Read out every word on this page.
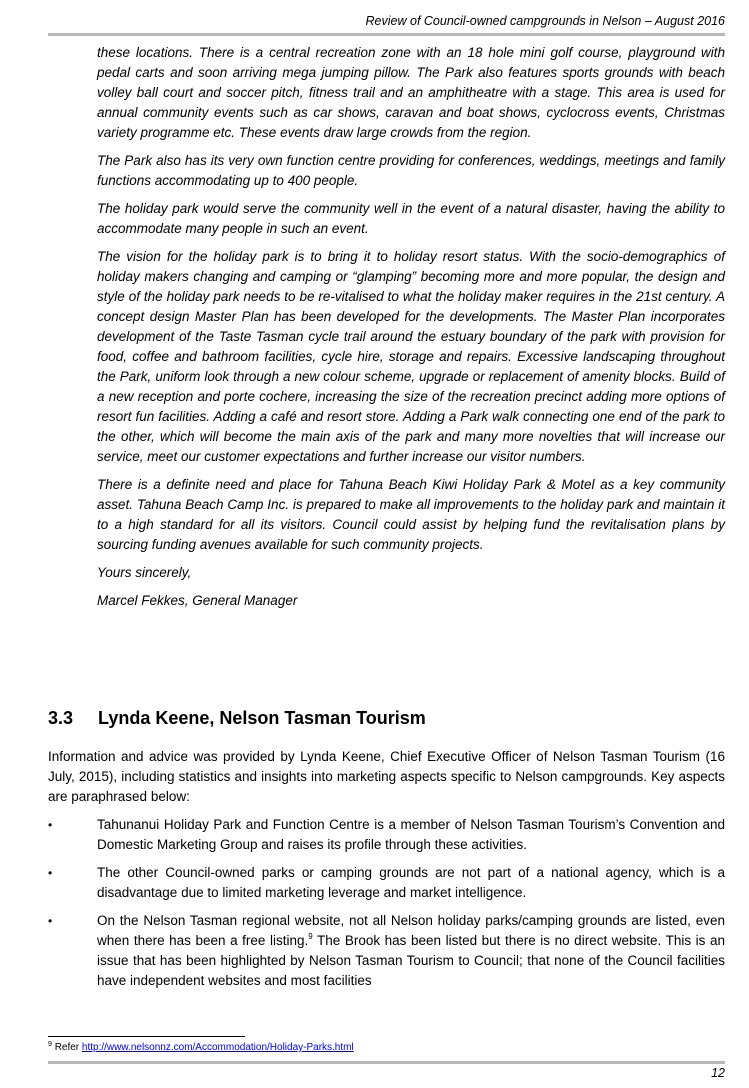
Review of Council-owned campgrounds in Nelson – August 2016

these locations. There is a central recreation zone with an 18 hole mini golf course, playground with pedal carts and soon arriving mega jumping pillow. The Park also features sports grounds with beach volley ball court and soccer pitch, fitness trail and an amphitheatre with a stage. This area is used for annual community events such as car shows, caravan and boat shows, cyclocross events, Christmas variety programme etc. These events draw large crowds from the region.

The Park also has its very own function centre providing for conferences, weddings, meetings and family functions accommodating up to 400 people.

The holiday park would serve the community well in the event of a natural disaster, having the ability to accommodate many people in such an event.

The vision for the holiday park is to bring it to holiday resort status. With the socio-demographics of holiday makers changing and camping or “glamping” becoming more and more popular, the design and style of the holiday park needs to be re-vitalised to what the holiday maker requires in the 21st century. A concept design Master Plan has been developed for the developments. The Master Plan incorporates development of the Taste Tasman cycle trail around the estuary boundary of the park with provision for food, coffee and bathroom facilities, cycle hire, storage and repairs. Excessive landscaping throughout the Park, uniform look through a new colour scheme, upgrade or replacement of amenity blocks. Build of a new reception and porte cochere, increasing the size of the recreation precinct adding more options of resort fun facilities. Adding a café and resort store. Adding a Park walk connecting one end of the park to the other, which will become the main axis of the park and many more novelties that will increase our service, meet our customer expectations and further increase our visitor numbers.

There is a definite need and place for Tahuna Beach Kiwi Holiday Park & Motel as a key community asset. Tahuna Beach Camp Inc. is prepared to make all improvements to the holiday park and maintain it to a high standard for all its visitors. Council could assist by helping fund the revitalisation plans by sourcing funding avenues available for such community projects.

Yours sincerely,

Marcel Fekkes, General Manager

3.3 Lynda Keene, Nelson Tasman Tourism

Information and advice was provided by Lynda Keene, Chief Executive Officer of Nelson Tasman Tourism (16 July, 2015), including statistics and insights into marketing aspects specific to Nelson campgrounds. Key aspects are paraphrased below:

•	Tahunanui Holiday Park and Function Centre is a member of Nelson Tasman Tourism’s Convention and Domestic Marketing Group and raises its profile through these activities.
•	The other Council-owned parks or camping grounds are not part of a national agency, which is a disadvantage due to limited marketing leverage and market intelligence.
•	On the Nelson Tasman regional website, not all Nelson holiday parks/camping grounds are listed, even when there has been a free listing.$^9$ The Brook has been listed but there is no direct website. This is an issue that has been highlighted by Nelson Tasman Tourism to Council; that none of the Council facilities have independent websites and most facilities
$^9$ Refer http://www.nelsonnz.com/Accommodation/Holiday-Parks.html
12
